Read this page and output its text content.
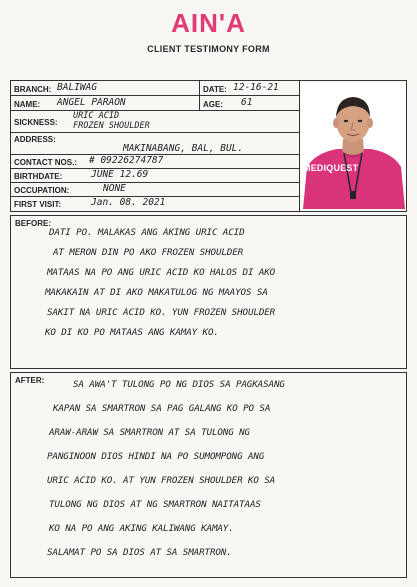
AIN'A
CLIENT TESTIMONY FORM
BRANCH: BALIWAG	DATE: 12-16-21
NAME: ANGEL PARAON	AGE: 61
SICKNESS:
URIC ACID
FROZEN SHOULDER
ADDRESS:
MAKINABANG, BAL, BUL.
CONTACT NOS.: # 09226274787
BIRTHDATE:	JUNE 12.69
OCCUPATION:	NONE
FIRST VISIT:	Jan. 08. 2021
MEDIQUEST
BEFORE:
DATI PO. MALAKAS ANG AKING URIC ACID
AT MERON DIN PO AKO FROZEN SHOULDER
MATAAS NA PO ANG URIC ACID KO HALOS DI AKO
MAKAKAIN AT DI AKO MAKATULOG NG MAAYOS SA
SAKIT NA URIC ACID KO. YUN FROZEN SHOULDER
KO DI KO PO MATAAS ANG KAMAY KO.
AFTER:	SA AWA'T TULONG PO NG DIOS SA PAGKASANG
KAPAN SA SMARTRON SA PAG GALANG KO PO SA
ARAW-ARAW SA SMARTRON AT SA TULONG NG
PANGINOON DIOS HINDI NA PO SUMOMPONG ANG
URIC ACID KO. AT YUN FROZEN SHOULDER KO SA
TULONG NG DIOS AT NG SMARTRON NAITATAAS
KO NA PO ANG AKING KALIWANG KAMAY.
SALAMAT PO SA DIOS AT SA SMARTRON.
